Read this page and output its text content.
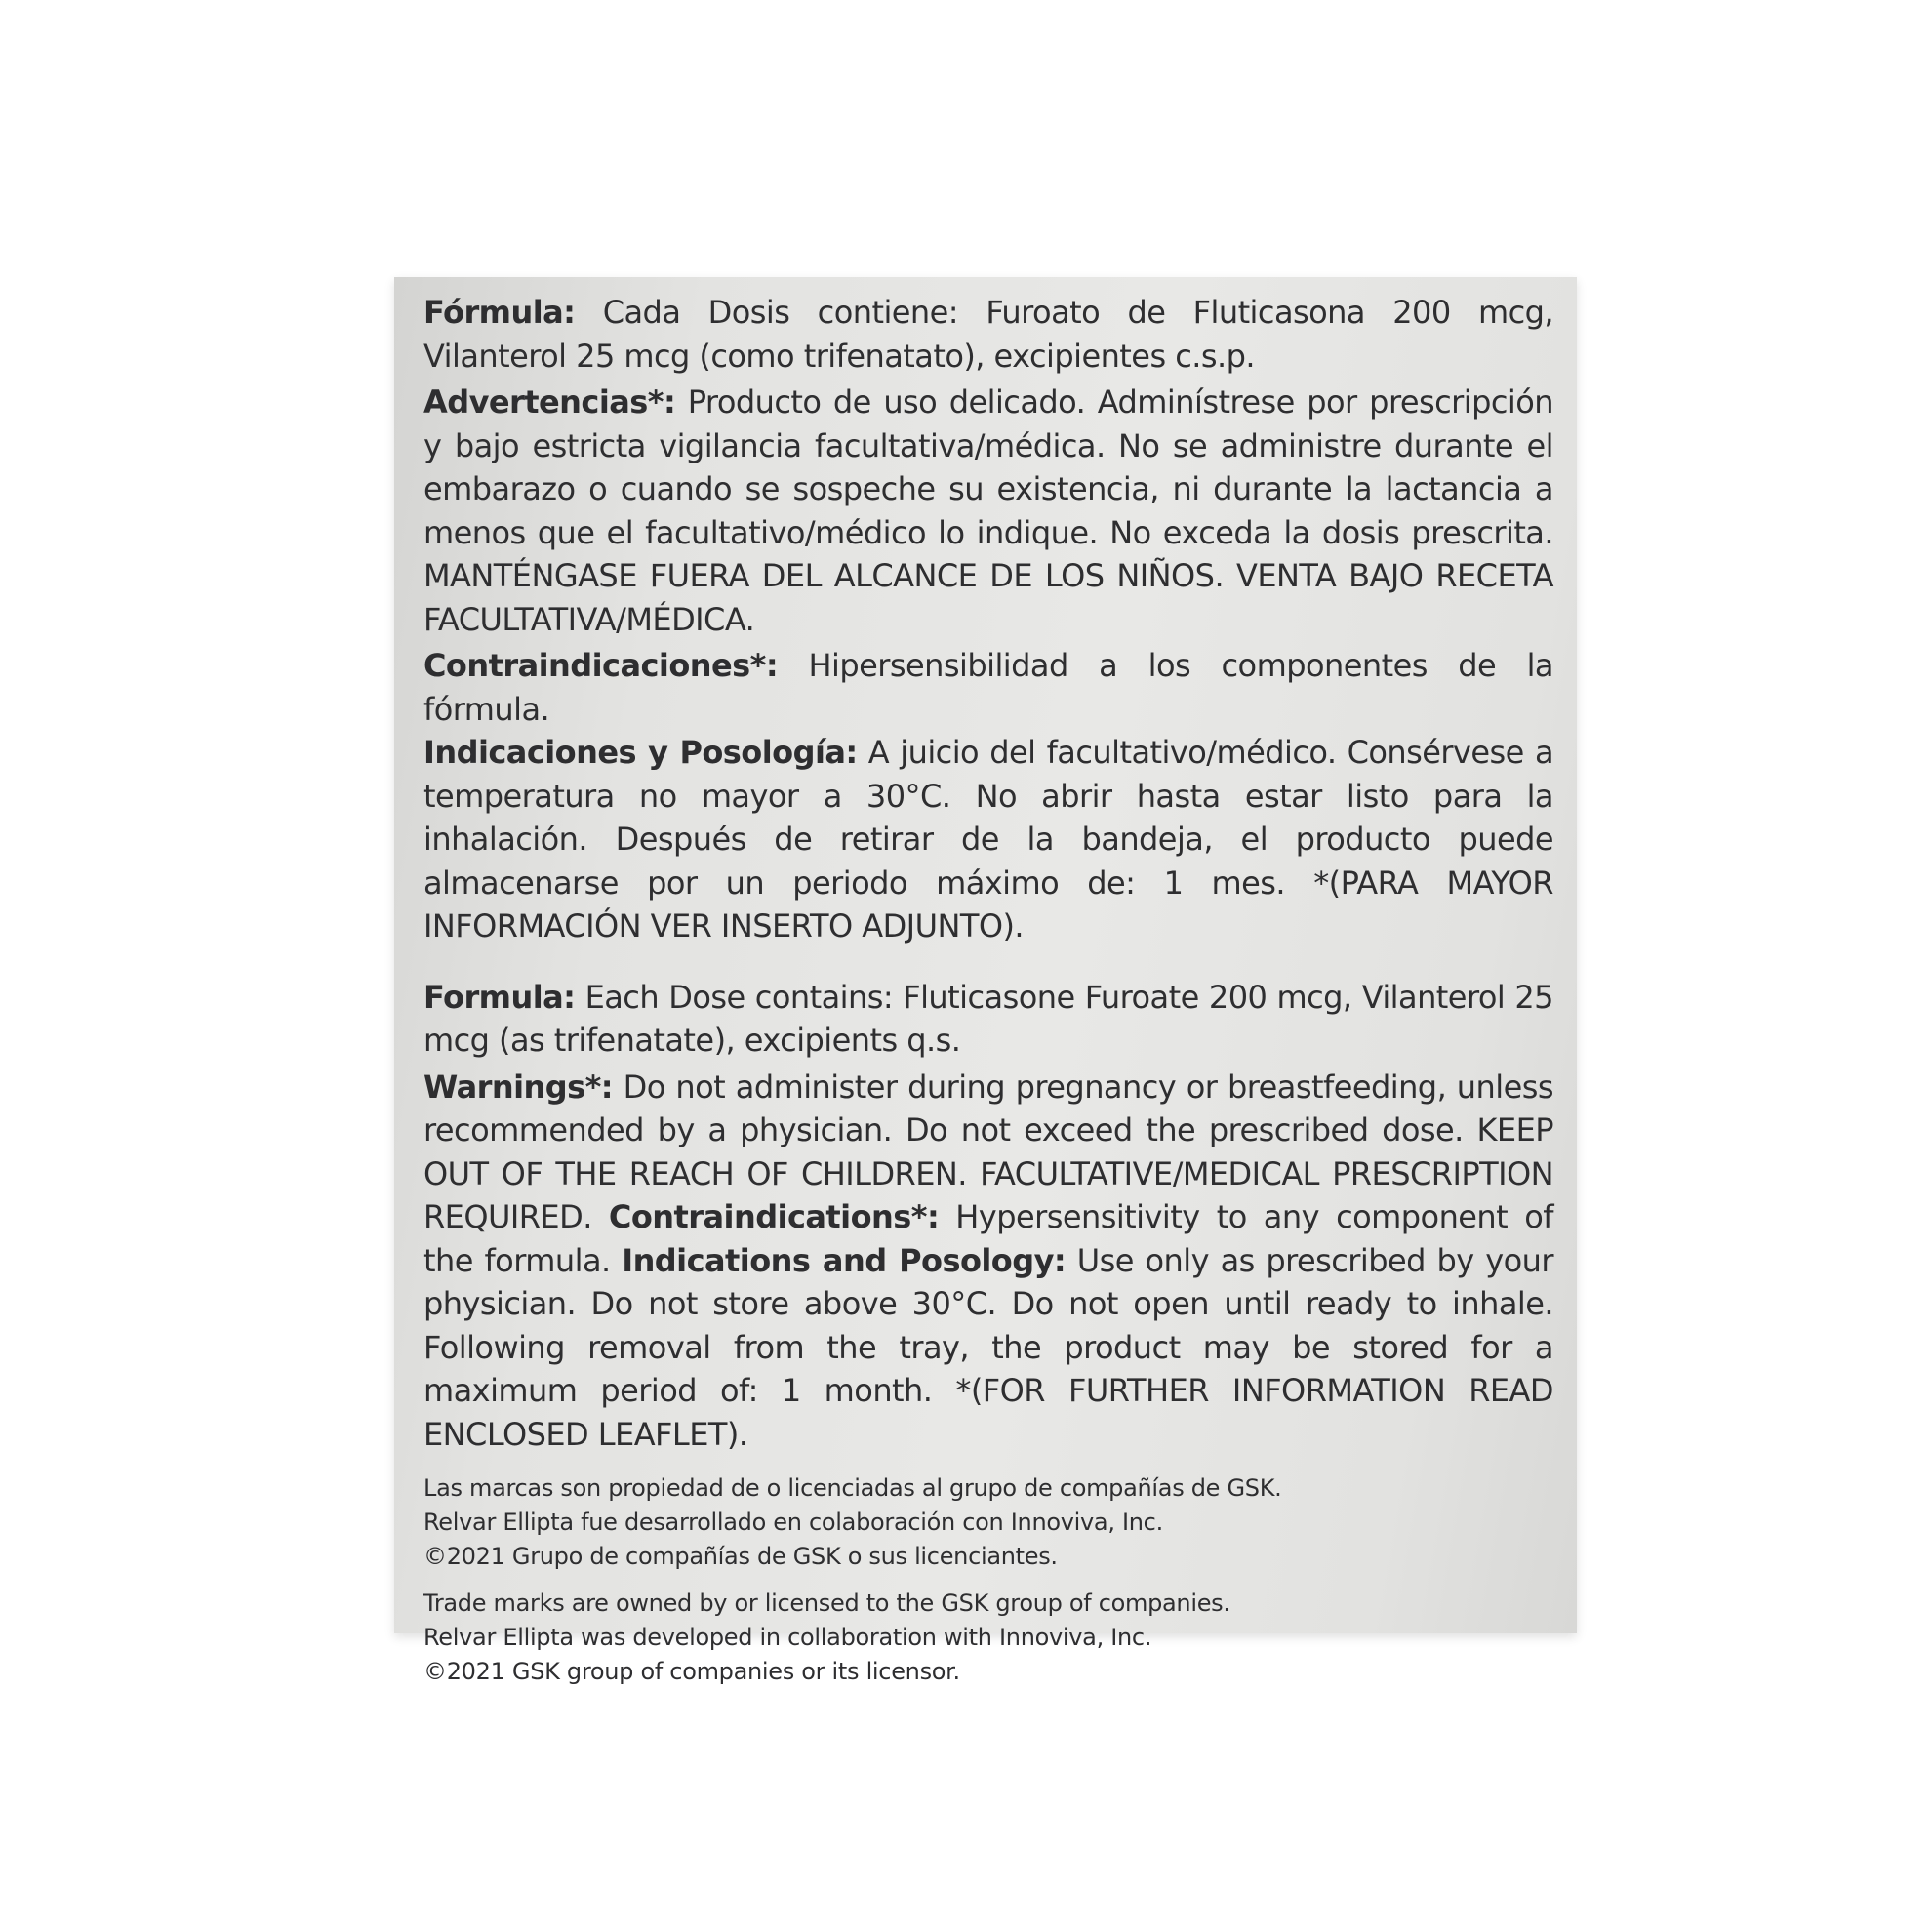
Fórmula: Cada Dosis contiene: Furoato de Fluticasona 200 mcg, Vilanterol 25 mcg (como trifenatato), excipientes c.s.p.

Advertencias*: Producto de uso delicado. Adminístrese por prescripción y bajo estricta vigilancia facultativa/médica. No se administre durante el embarazo o cuando se sospeche su existencia, ni durante la lactancia a menos que el facultativo/médico lo indique. No exceda la dosis prescrita. MANTÉNGASE FUERA DEL ALCANCE DE LOS NIÑOS. VENTA BAJO RECETA FACULTATIVA/MÉDICA.

Contraindicaciones*: Hipersensibilidad a los componentes de la fórmula.

Indicaciones y Posología: A juicio del facultativo/médico. Consérvese a temperatura no mayor a 30°C. No abrir hasta estar listo para la inhalación. Después de retirar de la bandeja, el producto puede almacenarse por un periodo máximo de: 1 mes. *(PARA MAYOR INFORMACIÓN VER INSERTO ADJUNTO).

Formula: Each Dose contains: Fluticasone Furoate 200 mcg, Vilanterol 25 mcg (as trifenatate), excipients q.s.

Warnings*: Do not administer during pregnancy or breastfeeding, unless recommended by a physician. Do not exceed the prescribed dose. KEEP OUT OF THE REACH OF CHILDREN. FACULTATIVE/MEDICAL PRESCRIPTION REQUIRED. Contraindications*: Hypersensitivity to any component of the formula. Indications and Posology: Use only as prescribed by your physician. Do not store above 30°C. Do not open until ready to inhale. Following removal from the tray, the product may be stored for a maximum period of: 1 month. *(FOR FURTHER INFORMATION READ ENCLOSED LEAFLET).

Las marcas son propiedad de o licenciadas al grupo de compañías de GSK.
Relvar Ellipta fue desarrollado en colaboración con Innoviva, Inc.
©2021 Grupo de compañías de GSK o sus licenciantes.
Trade marks are owned by or licensed to the GSK group of companies.
Relvar Ellipta was developed in collaboration with Innoviva, Inc.
©2021 GSK group of companies or its licensor.
